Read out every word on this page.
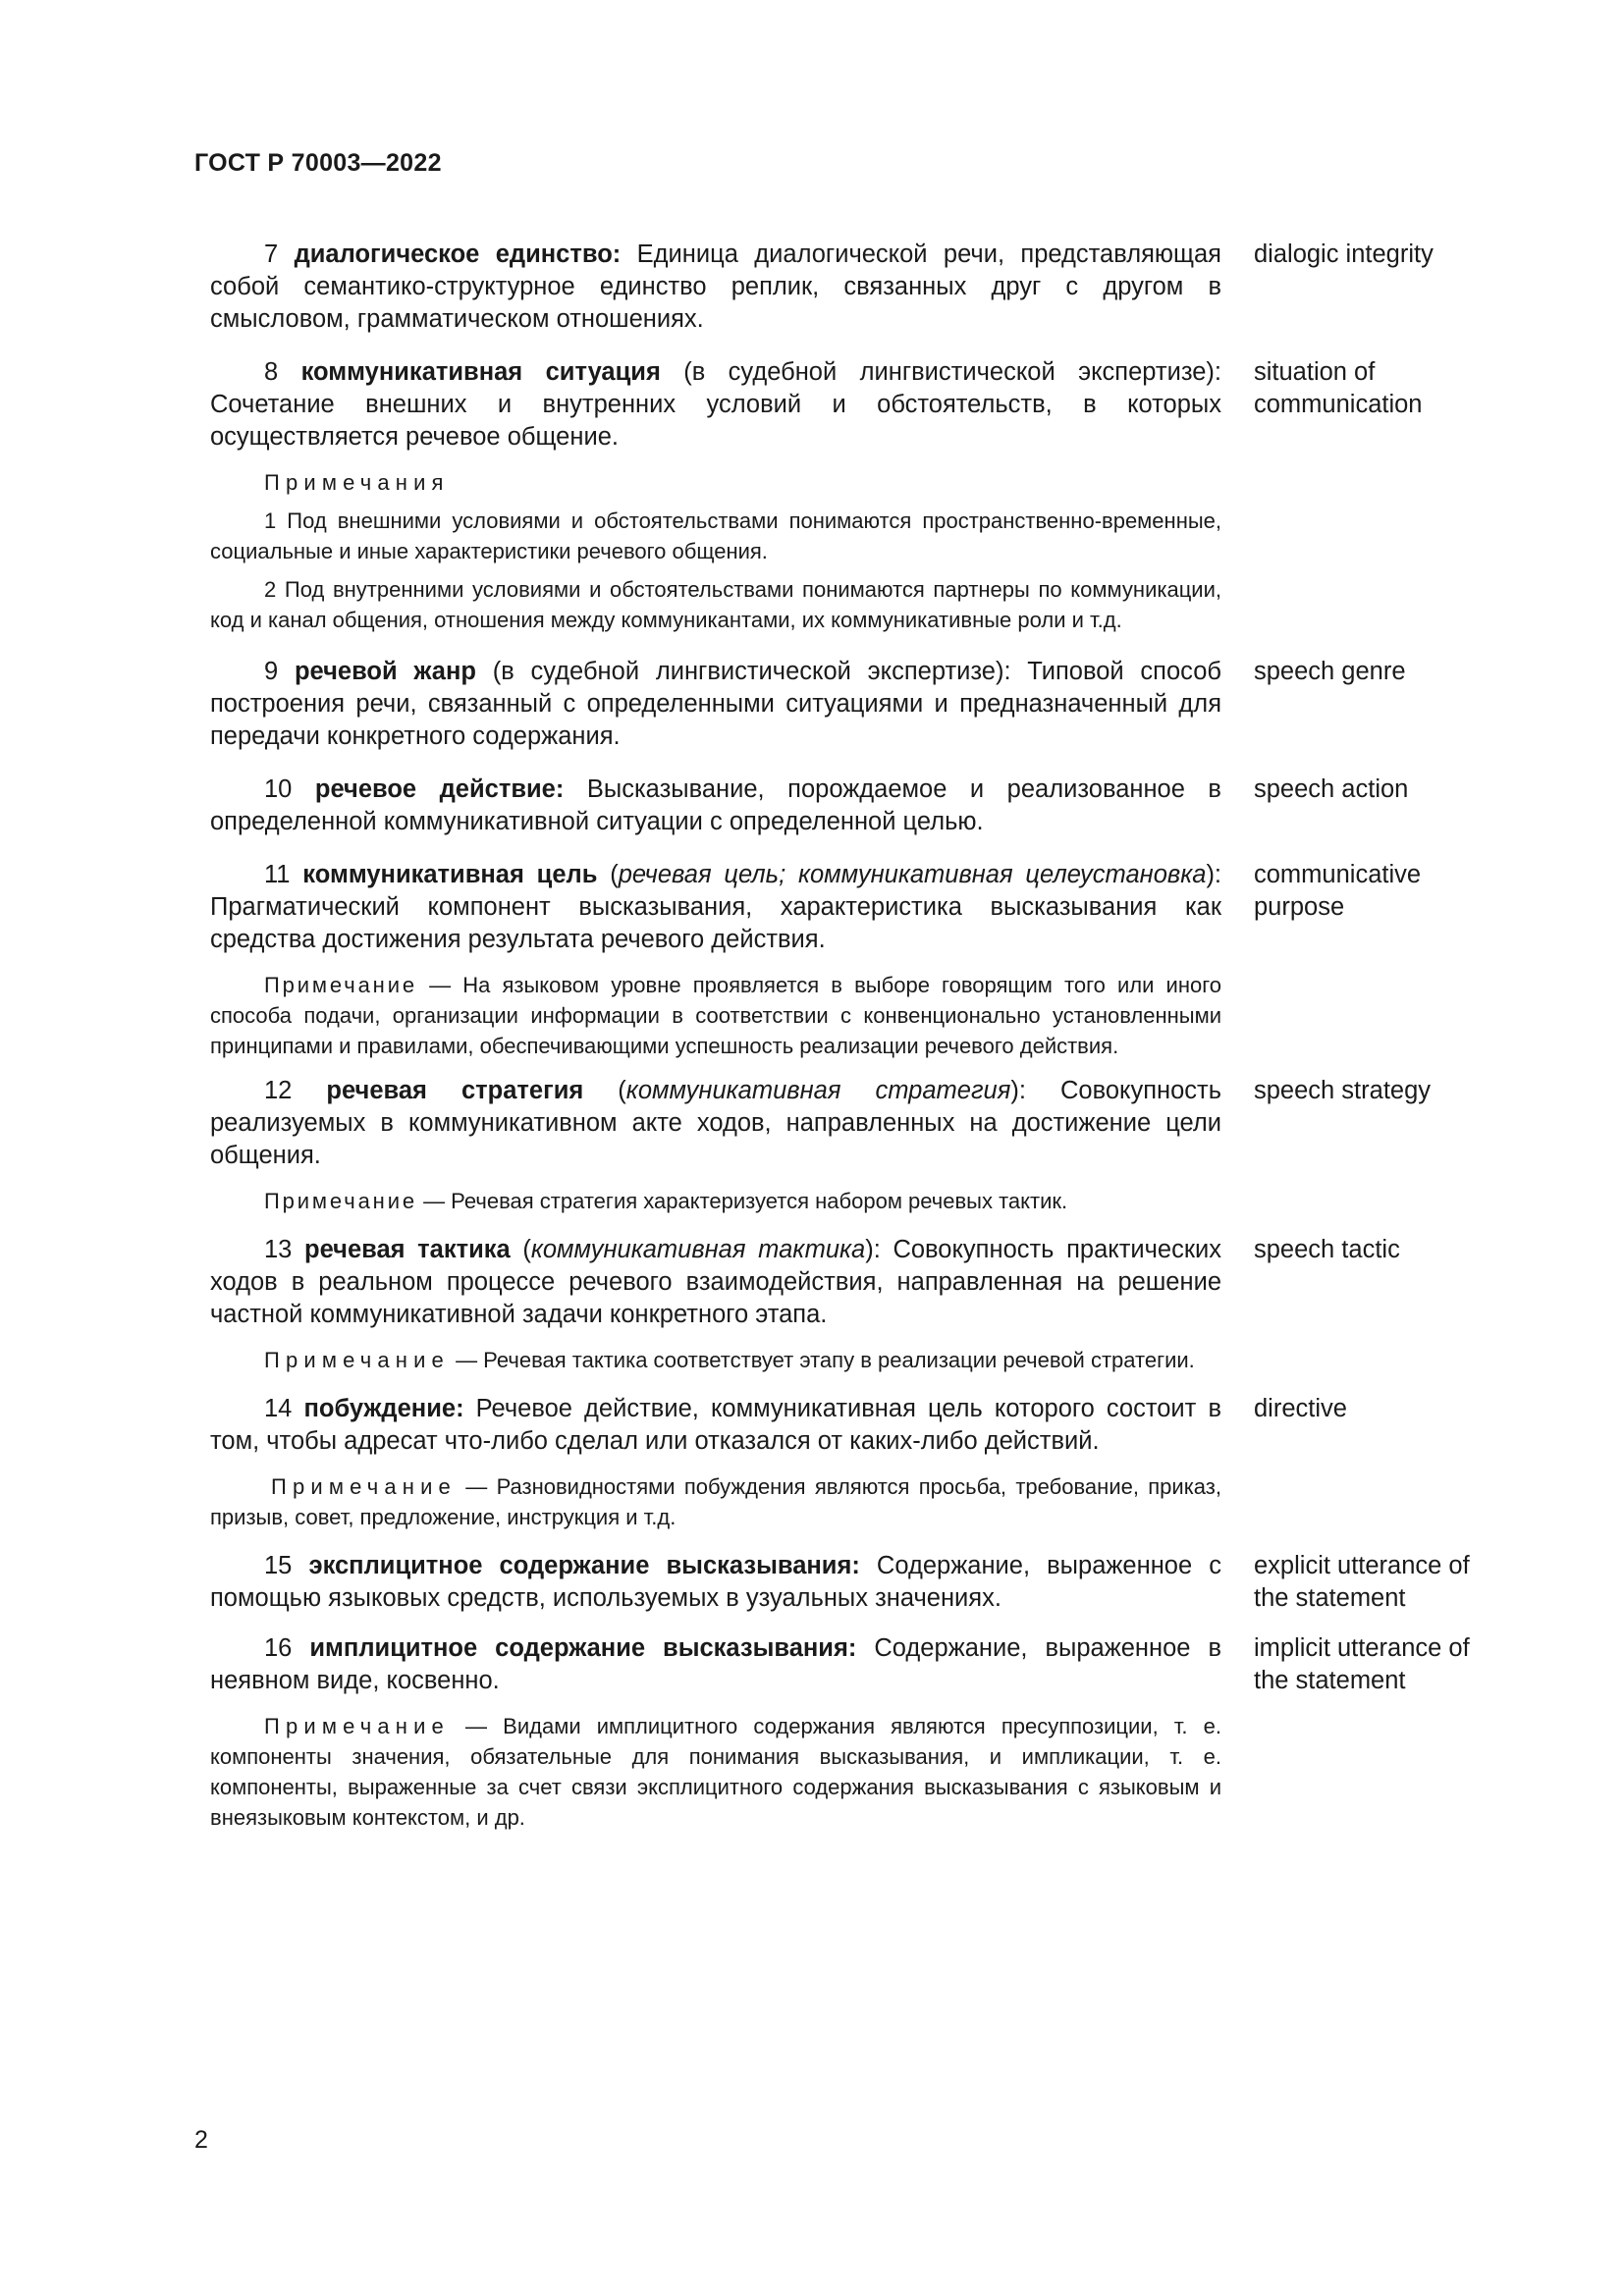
ГОСТ Р 70003—2022
7 диалогическое единство: Единица диалогической речи, представляющая собой семантико-структурное единство реплик, связанных друг с другом в смысловом, грамматическом отношениях.
dialogic integrity
8 коммуникативная ситуация (в судебной лингвистической экспертизе): Сочетание внешних и внутренних условий и обстоятельств, в которых осуществляется речевое общение.
situation of
communication
Примечания
1 Под внешними условиями и обстоятельствами понимаются пространственно-временные, социальные и иные характеристики речевого общения.
2 Под внутренними условиями и обстоятельствами понимаются партнеры по коммуникации, код и канал общения, отношения между коммуникантами, их коммуникативные роли и т.д.
9 речевой жанр (в судебной лингвистической экспертизе): Типовой способ построения речи, связанный с определенными ситуациями и предназначенный для передачи конкретного содержания.
speech genre
10 речевое действие: Высказывание, порождаемое и реализованное в определенной коммуникативной ситуации с определенной целью.
speech action
11 коммуникативная цель (речевая цель; коммуникативная целеустановка): Прагматический компонент высказывания, характеристика высказывания как средства достижения результата речевого действия.
communicative
purpose
Примечание — На языковом уровне проявляется в выборе говорящим того или иного способа подачи, организации информации в соответствии с конвенционально установленными принципами и правилами, обеспечивающими успешность реализации речевого действия.
12 речевая стратегия (коммуникативная стратегия): Совокупность реализуемых в коммуникативном акте ходов, направленных на достижение цели общения.
speech strategy
Примечание — Речевая стратегия характеризуется набором речевых тактик.
13 речевая тактика (коммуникативная тактика): Совокупность практических ходов в реальном процессе речевого взаимодействия, направленная на решение частной коммуникативной задачи конкретного этапа.
speech tactic
Примечание — Речевая тактика соответствует этапу в реализации речевой стратегии.
14 побуждение: Речевое действие, коммуникативная цель которого состоит в том, чтобы адресат что-либо сделал или отказался от каких-либо действий.
directive
Примечание — Разновидностями побуждения являются просьба, требование, приказ, призыв, совет, предложение, инструкция и т.д.
15 эксплицитное содержание высказывания: Содержание, выраженное с помощью языковых средств, используемых в узуальных значениях.
explicit utterance of
the statement
16 имплицитное содержание высказывания: Содержание, выраженное в неявном виде, косвенно.
implicit utterance of
the statement
Примечание — Видами имплицитного содержания являются пресуппозиции, т. е. компоненты значения, обязательные для понимания высказывания, и импликации, т. е. компоненты, выраженные за счет связи эксплицитного содержания высказывания с языковым и внеязыковым контекстом, и др.
2
